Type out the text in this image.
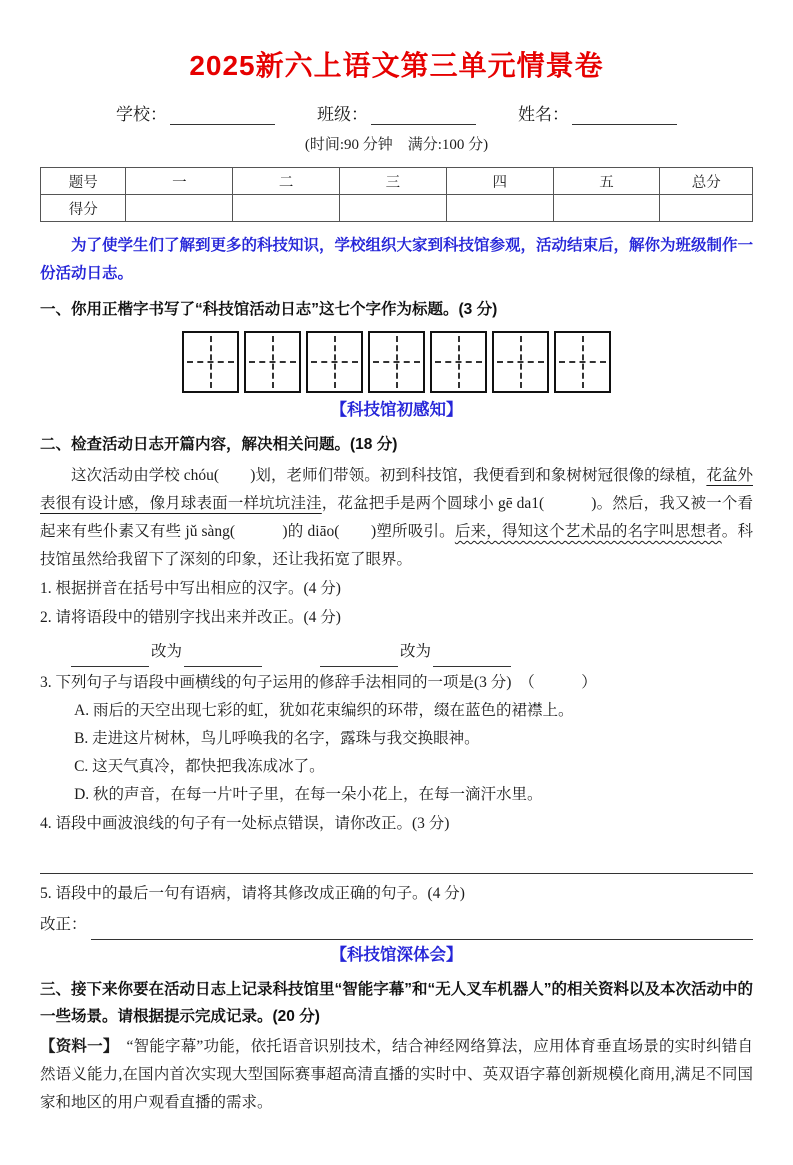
2025新六上语文第三单元情景卷
学校：	班级：	姓名：
(时间:90 分钟　满分:100 分)
题号	一	二	三	四	五	总分
得分						

为了使学生们了解到更多的科技知识，学校组织大家到科技馆参观，活动结束后，解你为班级制作一份活动日志。

一、你用正楷字书写了“科技馆活动日志”这七个字作为标题。(3 分)
【科技馆初感知】
二、检查活动日志开篇内容，解决相关问题。(18 分)

这次活动由学校 chóu(　　)划，老师们带领。初到科技馆，我便看到和象树树冠很像的绿植，花盆外表很有设计感，像月球表面一样坑坑洼洼，花盆把手是两个圆球小 gē da1(　　　)。然后，我又被一个看起来有些仆素又有些 jǔ sàng(　　　)的 diāo(　　)塑所吸引。后来，得知这个艺术品的名字叫思想者。科技馆虽然给我留下了深刻的印象，还让我拓宽了眼界。

1. 根据拼音在括号中写出相应的汉字。(4 分)
2. 请将语段中的错别字找出来并改正。(4 分)
改为	改为
3. 下列句子与语段中画横线的句子运用的修辞手法相同的一项是(3 分)　（　　　）
A. 雨后的天空出现七彩的虹，犹如花束编织的环带，缀在蓝色的裙襟上。
B. 走进这片树林，鸟儿呼唤我的名字，露珠与我交换眼神。
C. 这天气真冷，都快把我冻成冰了。
D. 秋的声音，在每一片叶子里，在每一朵小花上，在每一滴汗水里。
4. 语段中画波浪线的句子有一处标点错误，请你改正。(3 分)
5. 语段中的最后一句有语病，请将其修改成正确的句子。(4 分)
改正：
【科技馆深体会】
三、接下来你要在活动日志上记录科技馆里“智能字幕”和“无人叉车机器人”的相关资料以及本次活动中的一些场景。请根据提示完成记录。(20 分)

【资料一】　“智能字幕”功能，依托语音识别技术，结合神经网络算法，应用体育垂直场景的实时纠错自然语义能力,在国内首次实现大型国际赛事超高清直播的实时中、英双语字幕创新规模化商用,满足不同国家和地区的用户观看直播的需求。
